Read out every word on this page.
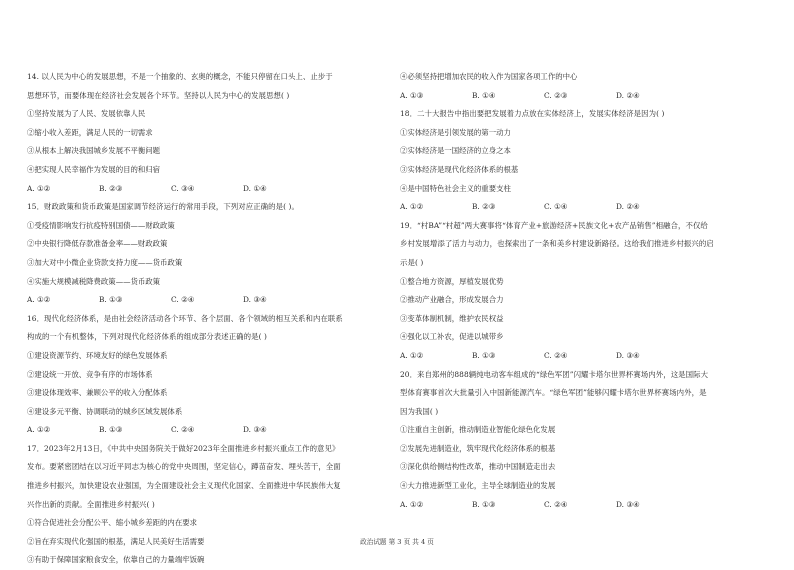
14. 以人民为中心的发展思想，不是一个抽象的、玄奥的概念，不能只停留在口头上、止步于
思想环节，而要体现在经济社会发展各个环节。坚持以人民为中心的发展思想( )
①坚持发展为了人民、发展依靠人民
②缩小收入差距，满足人民的一切需求
③从根本上解决我国城乡发展不平衡问题
④把实现人民幸福作为发展的目的和归宿
A. ①②	B. ②③	C. ③④	D. ①④
15．财政政策和货币政策是国家调节经济运行的常用手段，下列对应正确的是( )。
①受疫情影响发行抗疫特别国债——财政政策
②中央银行降低存款准备金率——财政政策
③加大对中小微企业贷款支持力度——货币政策
④实施大规模减税降费政策——货币政策
A. ①②	B. ①③	C. ②④	D. ③④
16．现代化经济体系，是由社会经济活动各个环节、各个层面、各个领域的相互关系和内在联系
构成的一个有机整体，下列对现代化经济体系的组成部分表述正确的是( )
①建设资源节约、环境友好的绿色发展体系
②建设统一开放、竞争有序的市场体系
③建设体现效率、兼顾公平的收入分配体系
④建设多元平衡、协调联动的城乡区域发展体系
A. ①②	B. ①③	C. ②④	D. ③④
17．2023年2月13日，《中共中央国务院关于做好2023年全面推进乡村振兴重点工作的意见》
发布。要紧密团结在以习近平同志为核心的党中央周围，坚定信心，蹲苗奋发、埋头苦干，全面
推进乡村振兴，加快建设农业强国，为全面建设社会主义现代化国家、全面推进中华民族伟大复
兴作出新的贡献。全面推进乡村振兴( )
①符合促进社会分配公平、缩小城乡差距的内在要求
②旨在弃实现代化强国的根基，满足人民美好生活需要
③有助于保障国家粮食安全，依靠自己的力量端牢饭碗
④必须坚持把增加农民的收入作为国家各项工作的中心
A. ①③	B. ①④	C. ②③	D. ②④
18．二十大报告中指出要把发展着力点放在实体经济上，发展实体经济是因为( )
①实体经济是引领发展的第一动力
②实体经济是一国经济的立身之本
③实体经济是现代化经济体系的根基
④是中国特色社会主义的重要支柱
A. ①②	B. ②③	C. ①④	D. ②④
19．“村BA”“村超”两大赛事将“体育产业+旅游经济+民族文化+农产品销售”相融合，不仅给
乡村发展增添了活力与动力，也探索出了一条和美乡村建设新路径。这给我们推进乡村振兴的启
示是( )
①整合地方资源，厚植发展优势
②推动产业融合，形成发展合力
③变革体制机制，维护农民权益
④强化以工补农，促进以城带乡
A. ①②	B. ①③	C. ②④	D. ③④
20．来自郑州的888辆纯电动客车组成的“绿色军团”闪耀卡塔尔世界杯赛场内外，这是国际大
型体育赛事首次大批量引入中国新能源汽车。“绿色军团”能够闪耀卡塔尔世界杯赛场内外，是
因为我国( )
①注重自主创新，推动制造业智能化绿色化发展
②发展先进制造业，筑牢现代化经济体系的根基
③深化供给侧结构性改革，推动中国制造走出去
④大力推进新型工业化，主导全球制造业的发展
A. ①②	B. ①③	C. ②④	D. ③④
政治试题 第 3 页 共 4 页
